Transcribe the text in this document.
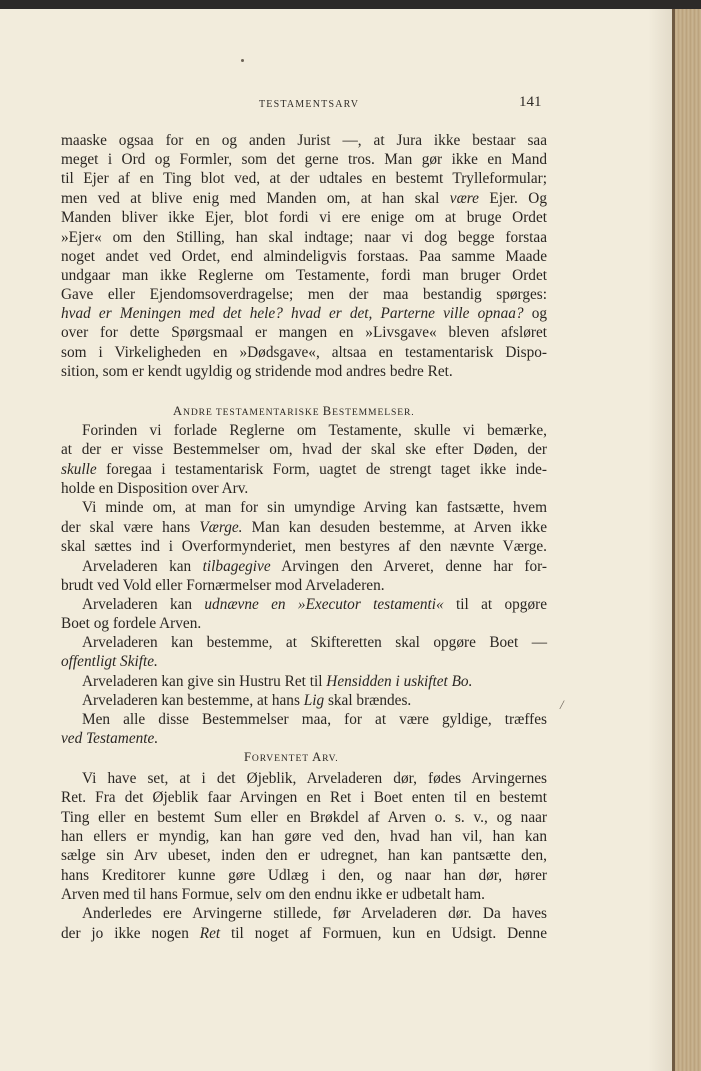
TESTAMENTSARV	141
/
maaske ogsaa for en og anden Jurist —, at Jura ikke bestaar saa
meget i Ord og Formler, som det gerne tros. Man gør ikke en Mand
til Ejer af en Ting blot ved, at der udtales en bestemt Trylleformular;
men ved at blive enig med Manden om, at han skal være Ejer. Og
Manden bliver ikke Ejer, blot fordi vi ere enige om at bruge Ordet
»Ejer« om den Stilling, han skal indtage; naar vi dog begge forstaa
noget andet ved Ordet, end almindeligvis forstaas. Paa samme Maade
undgaar man ikke Reglerne om Testamente, fordi man bruger Ordet
Gave eller Ejendomsoverdragelse; men der maa bestandig spørges:
hvad er Meningen med det hele? hvad er det, Parterne ville opnaa? og
over for dette Spørgsmaal er mangen en »Livsgave« bleven afsløret
som i Virkeligheden en »Dødsgave«, altsaa en testamentarisk Dispo-
sition, som er kendt ugyldig og stridende mod andres bedre Ret.
ANDRE TESTAMENTARISKE BESTEMMELSER.
Forinden vi forlade Reglerne om Testamente, skulle vi bemærke,
at der er visse Bestemmelser om, hvad der skal ske efter Døden, der
skulle foregaa i testamentarisk Form, uagtet de strengt taget ikke inde-
holde en Disposition over Arv.
Vi minde om, at man for sin umyndige Arving kan fastsætte, hvem
der skal være hans Værge. Man kan desuden bestemme, at Arven ikke
skal sættes ind i Overformynderiet, men bestyres af den nævnte Værge.
Arveladeren kan tilbagegive Arvingen den Arveret, denne har for-
brudt ved Vold eller Fornærmelser mod Arveladeren.
Arveladeren kan udnævne en »Executor testamenti« til at opgøre
Boet og fordele Arven.
Arveladeren kan bestemme, at Skifteretten skal opgøre Boet —
offentligt Skifte.
Arveladeren kan give sin Hustru Ret til Hensidden i uskiftet Bo.
Arveladeren kan bestemme, at hans Lig skal brændes.
Men alle disse Bestemmelser maa, for at være gyldige, træffes
ved Testamente.
FORVENTET ARV.
Vi have set, at i det Øjeblik, Arveladeren dør, fødes Arvingernes
Ret. Fra det Øjeblik faar Arvingen en Ret i Boet enten til en bestemt
Ting eller en bestemt Sum eller en Brøkdel af Arven o. s. v., og naar
han ellers er myndig, kan han gøre ved den, hvad han vil, han kan
sælge sin Arv ubeset, inden den er udregnet, han kan pantsætte den,
hans Kreditorer kunne gøre Udlæg i den, og naar han dør, hører
Arven med til hans Formue, selv om den endnu ikke er udbetalt ham.
Anderledes ere Arvingerne stillede, før Arveladeren dør. Da haves
der jo ikke nogen Ret til noget af Formuen, kun en Udsigt. Denne
